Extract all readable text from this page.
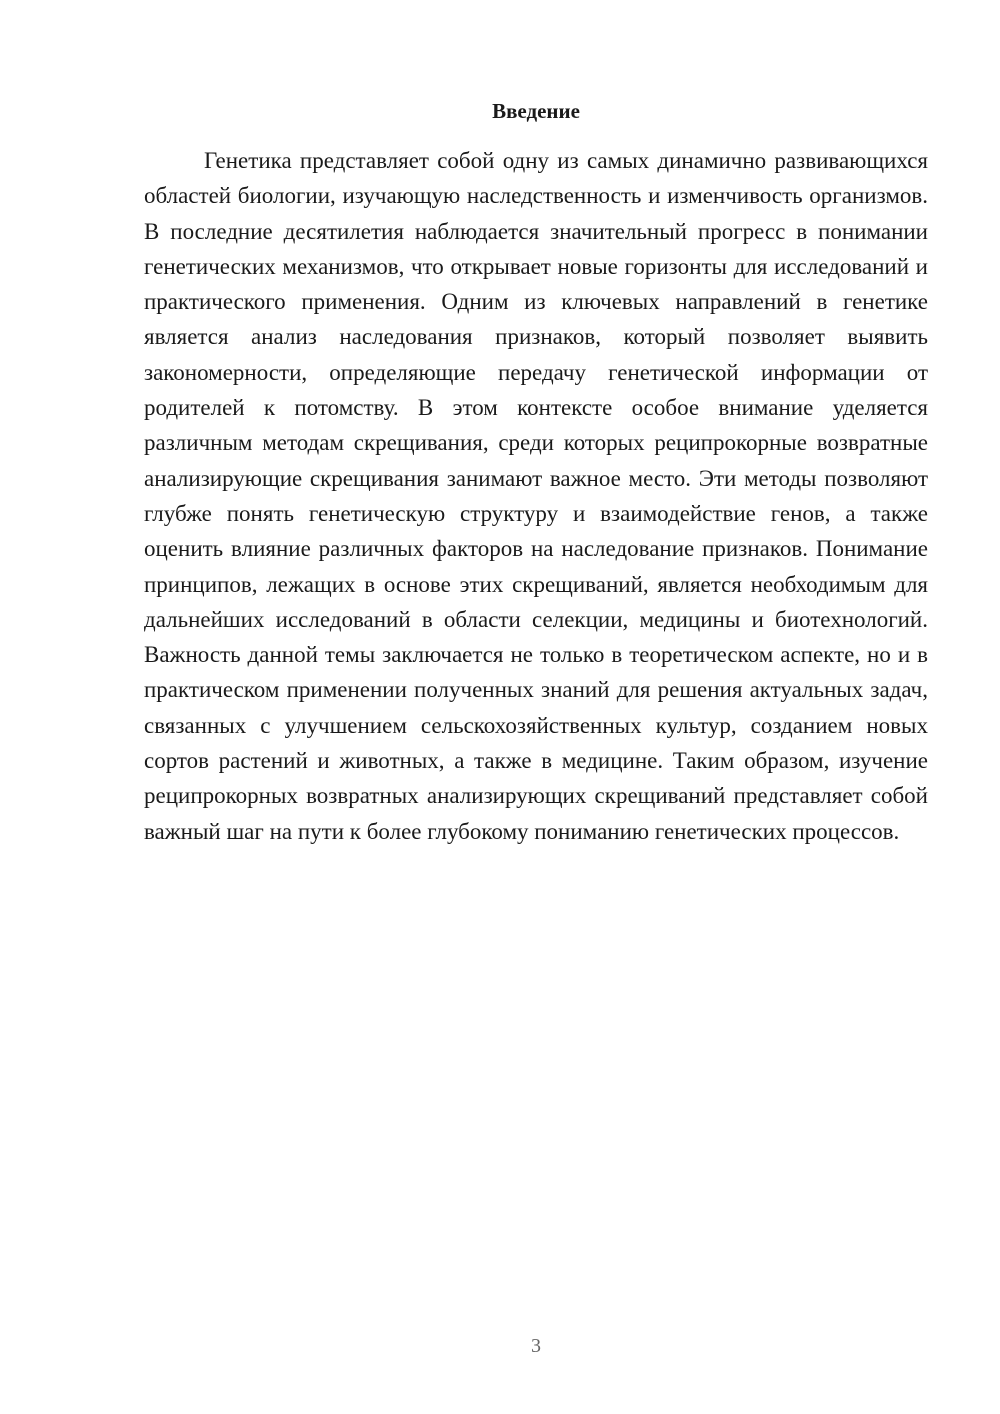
Введение

Генетика представляет собой одну из самых динамично развивающихся областей биологии, изучающую наследственность и изменчивость организмов. В последние десятилетия наблюдается значительный прогресс в понимании генетических механизмов, что открывает новые горизонты для исследований и практического применения. Одним из ключевых направлений в генетике является анализ наследования признаков, который позволяет выявить закономерности, определяющие передачу генетической информации от родителей к потомству. В этом контексте особое внимание уделяется различным методам скрещивания, среди которых реципрокорные возвратные анализирующие скрещивания занимают важное место. Эти методы позволяют глубже понять генетическую структуру и взаимодействие генов, а также оценить влияние различных факторов на наследование признаков. Понимание принципов, лежащих в основе этих скрещиваний, является необходимым для дальнейших исследований в области селекции, медицины и биотехнологий. Важность данной темы заключается не только в теоретическом аспекте, но и в практическом применении полученных знаний для решения актуальных задач, связанных с улучшением сельскохозяйственных культур, созданием новых сортов растений и животных, а также в медицине. Таким образом, изучение реципрокорных возвратных анализирующих скрещиваний представляет собой важный шаг на пути к более глубокому пониманию генетических процессов.

3
